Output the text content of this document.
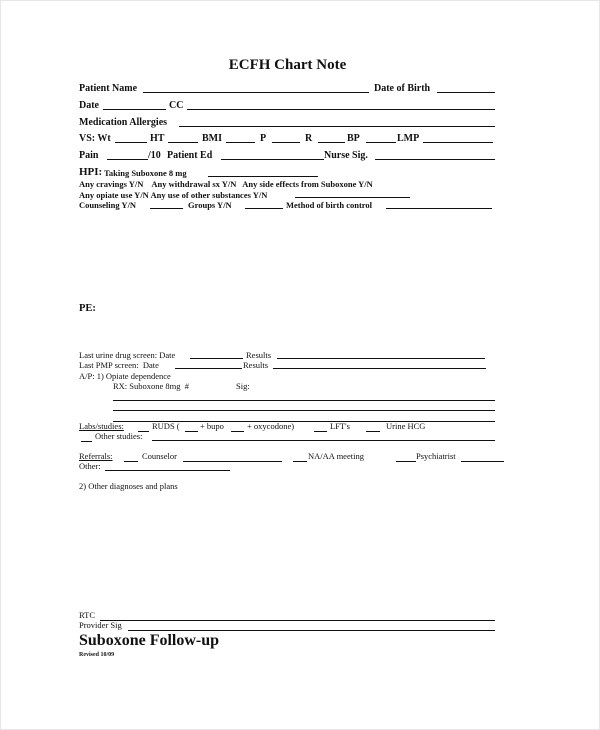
ECFH Chart Note
Patient Name	Date of Birth
Date	CC
Medication Allergies
VS: Wt	HT	BMI	P	R	BP	LMP
Pain	/10 Patient Ed	Nurse Sig.
HPI: Taking Suboxone 8 mg
Any cravings Y/N    Any withdrawal sx Y/N   Any side effects from Suboxone Y/N
Any opiate use Y/N Any use of other substances Y/N
Counseling Y/N	Groups Y/N	Method of birth control
PE:
Last urine drug screen: Date	Results
Last PMP screen:  Date	Results
A/P: 1) Opiate dependence
RX: Suboxone 8mg  #	Sig:
Labs/studies:	RUDS ( + bupo	+ oxycodone)	LFT's	Urine HCG
Other studies:
Referrals:	Counselor	NA/AA meeting	Psychiatrist
Other:
2) Other diagnoses and plans
RTC
Provider Sig
Suboxone Follow-up
Revised 10/09
